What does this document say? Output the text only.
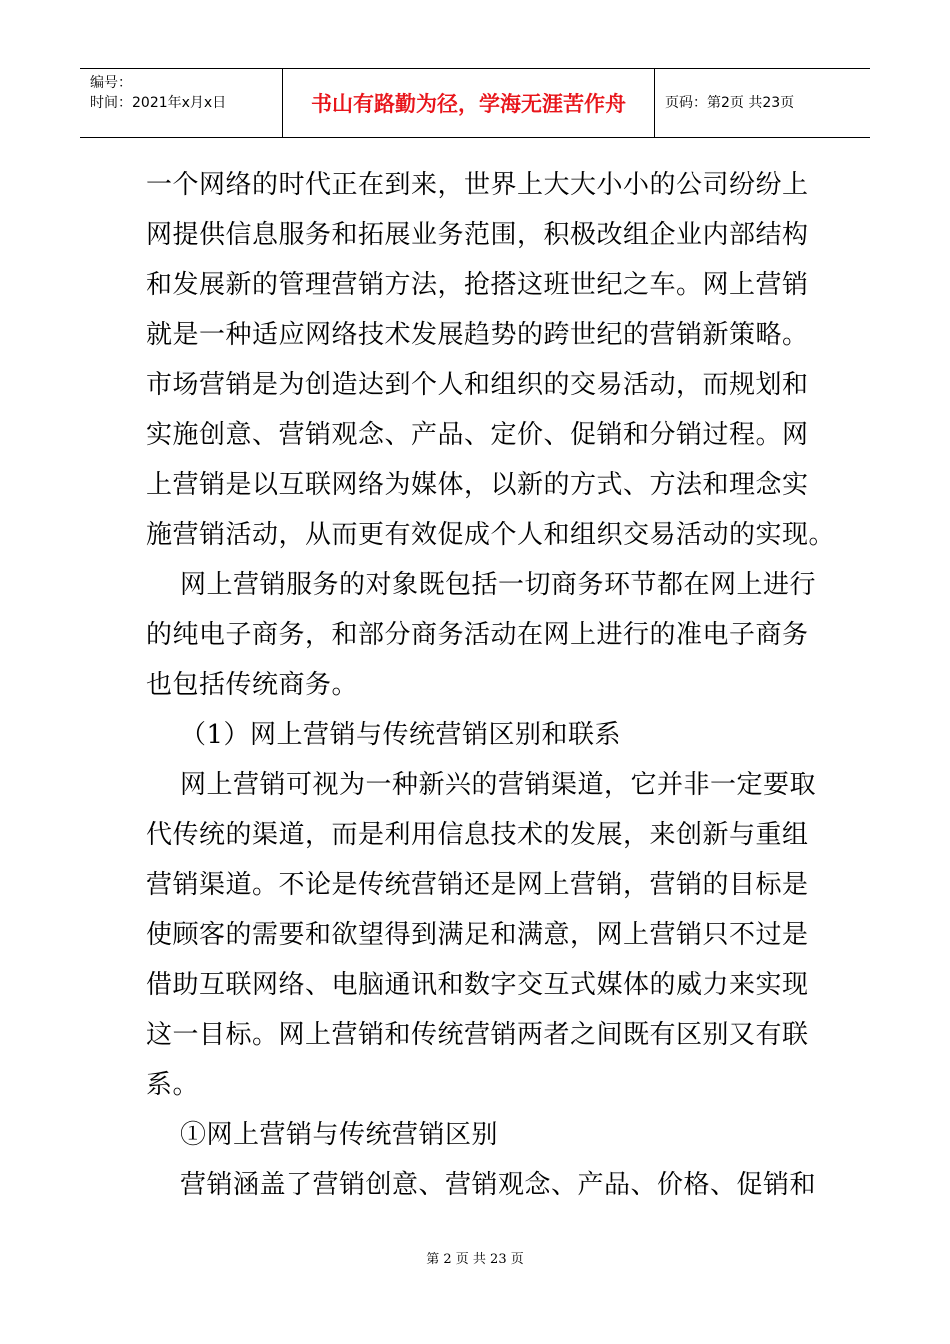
编号：
时间：2021年x月x日	书山有路勤为径，学海无涯苦作舟	页码：第2页 共23页
一个网络的时代正在到来，世界上大大小小的公司纷纷上
网提供信息服务和拓展业务范围，积极改组企业内部结构
和发展新的管理营销方法，抢搭这班世纪之车。网上营销
就是一种适应网络技术发展趋势的跨世纪的营销新策略。
市场营销是为创造达到个人和组织的交易活动，而规划和
实施创意、营销观念、产品、定价、促销和分销过程。网
上营销是以互联网络为媒体，以新的方式、方法和理念实
施营销活动，从而更有效促成个人和组织交易活动的实现。
网上营销服务的对象既包括一切商务环节都在网上进行
的纯电子商务，和部分商务活动在网上进行的准电子商务
也包括传统商务。
（1）网上营销与传统营销区别和联系
网上营销可视为一种新兴的营销渠道，它并非一定要取
代传统的渠道，而是利用信息技术的发展，来创新与重组
营销渠道。不论是传统营销还是网上营销，营销的目标是
使顾客的需要和欲望得到满足和满意，网上营销只不过是
借助互联网络、电脑通讯和数字交互式媒体的威力来实现
这一目标。网上营销和传统营销两者之间既有区别又有联
系。
①网上营销与传统营销区别
营销涵盖了营销创意、营销观念、产品、价格、促销和
第 2 页 共 23 页
